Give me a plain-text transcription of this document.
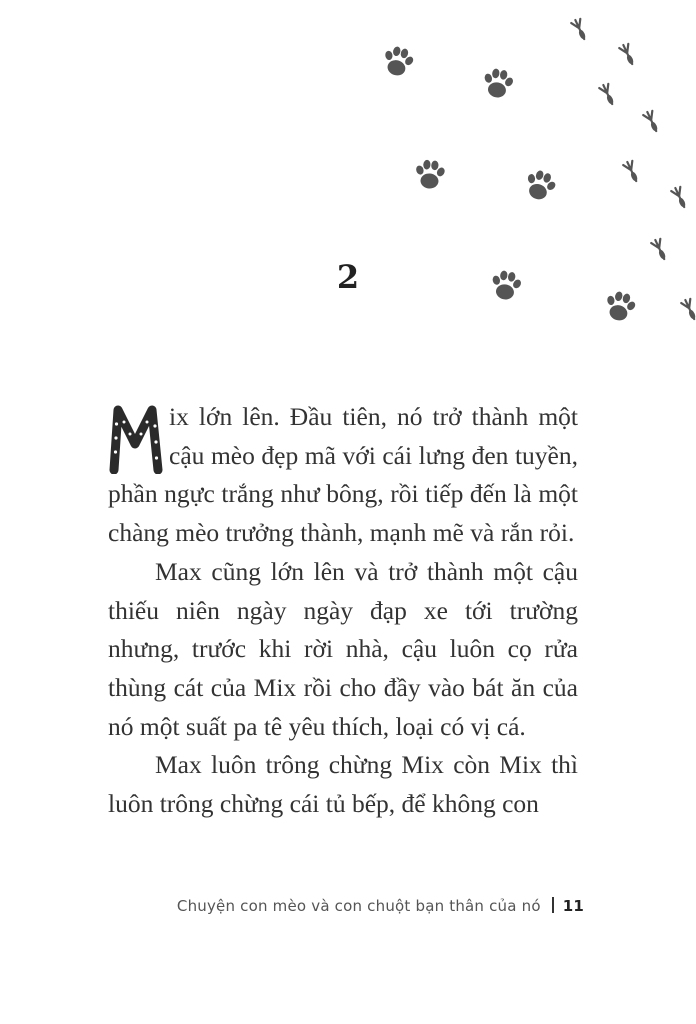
2

M ix lớn lên. Đầu tiên, nó trở thành một cậu mèo đẹp mã với cái lưng đen tuyền, phần ngực trắng như bông, rồi tiếp đến là một chàng mèo trưởng thành, mạnh mẽ và rắn rỏi.

Max cũng lớn lên và trở thành một cậu thiếu niên ngày ngày đạp xe tới trường nhưng, trước khi rời nhà, cậu luôn cọ rửa thùng cát của Mix rồi cho đầy vào bát ăn của nó một suất pa tê yêu thích, loại có vị cá.

Max luôn trông chừng Mix còn Mix thì luôn trông chừng cái tủ bếp, để không con

Chuyện con mèo và con chuột bạn thân của nó 11
